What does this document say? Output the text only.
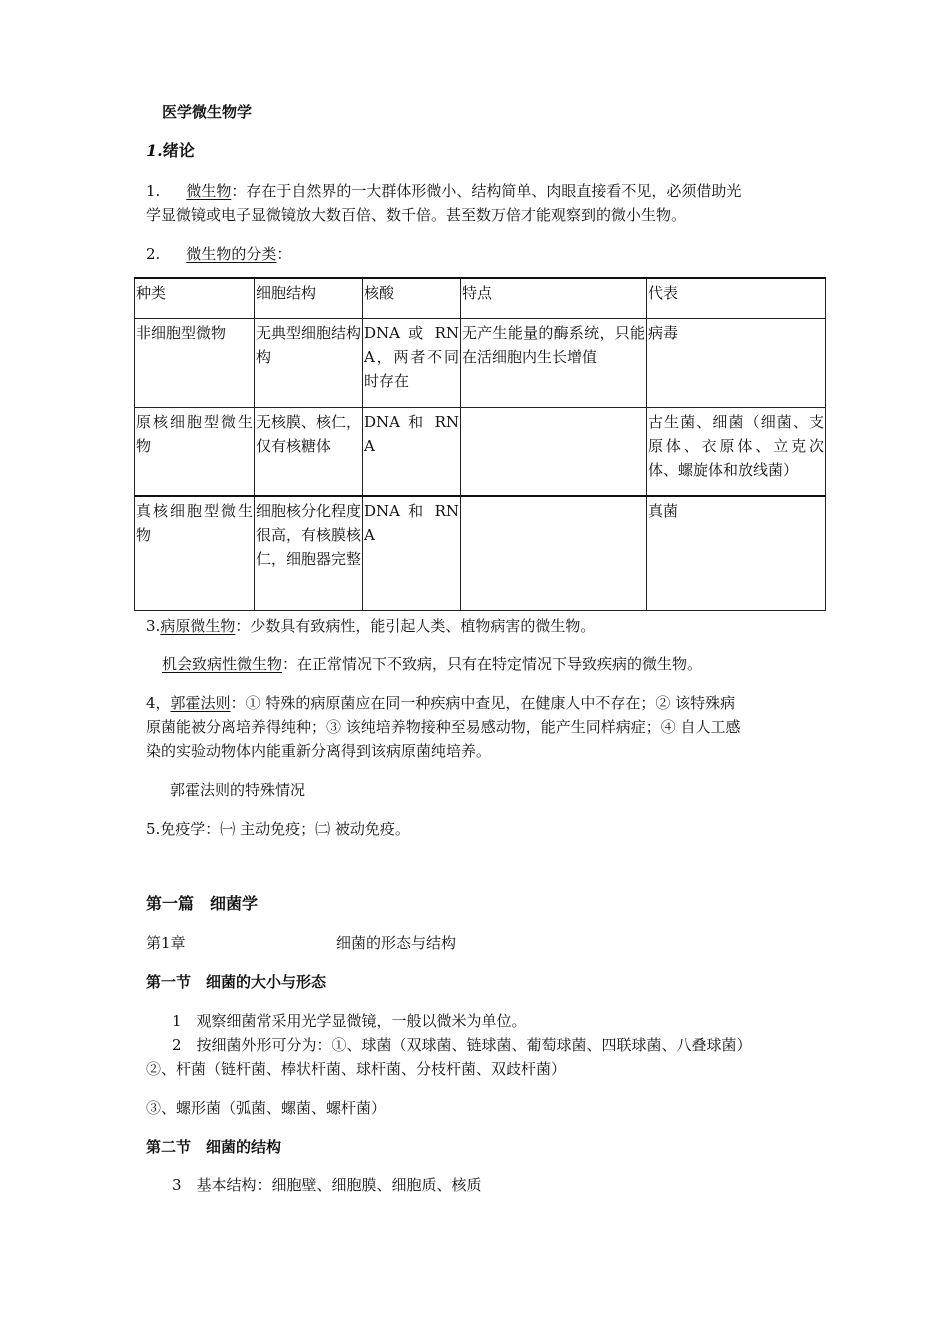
医学微生物学
1.绪论
1. 微生物：存在于自然界的一大群体形微小、结构简单、肉眼直接看不见，必须借助光
学显微镜或电子显微镜放大数百倍、数千倍。甚至数万倍才能观察到的微小生物。
2. 微生物的分类：
种类	细胞结构	核酸	特点	代表
非细胞型微物	无典型细胞结构构	DNA 或 RNA，两者不同时存在	无产生能量的酶系统，只能在活细胞内生长增值	病毒
原核细胞型微生物	无核膜、核仁，仅有核糖体	DNA 和 RNA		古生菌、细菌（细菌、支原体、衣原体、立克次体、螺旋体和放线菌）
真核细胞型微生物	细胞核分化程度很高，有核膜核仁，细胞器完整	DNA 和 RNA		真菌
3.病原微生物：少数具有致病性，能引起人类、植物病害的微生物。
机会致病性微生物：在正常情况下不致病，只有在特定情况下导致疾病的微生物。
4，郭霍法则：① 特殊的病原菌应在同一种疾病中查见，在健康人中不存在；② 该特殊病
原菌能被分离培养得纯种；③ 该纯培养物接种至易感动物，能产生同样病症；④ 自人工感
染的实验动物体内能重新分离得到该病原菌纯培养。
郭霍法则的特殊情况
5.免疫学：㈠ 主动免疫；㈡ 被动免疫。
第一篇　细菌学
第1章	细菌的形态与结构
第一节　细菌的大小与形态
1　观察细菌常采用光学显微镜，一般以微米为单位。
2　按细菌外形可分为：①、球菌（双球菌、链球菌、葡萄球菌、四联球菌、八叠球菌）
②、杆菌（链杆菌、棒状杆菌、球杆菌、分枝杆菌、双歧杆菌）
③、螺形菌（弧菌、螺菌、螺杆菌）
第二节　细菌的结构
3　基本结构：细胞壁、细胞膜、细胞质、核质
